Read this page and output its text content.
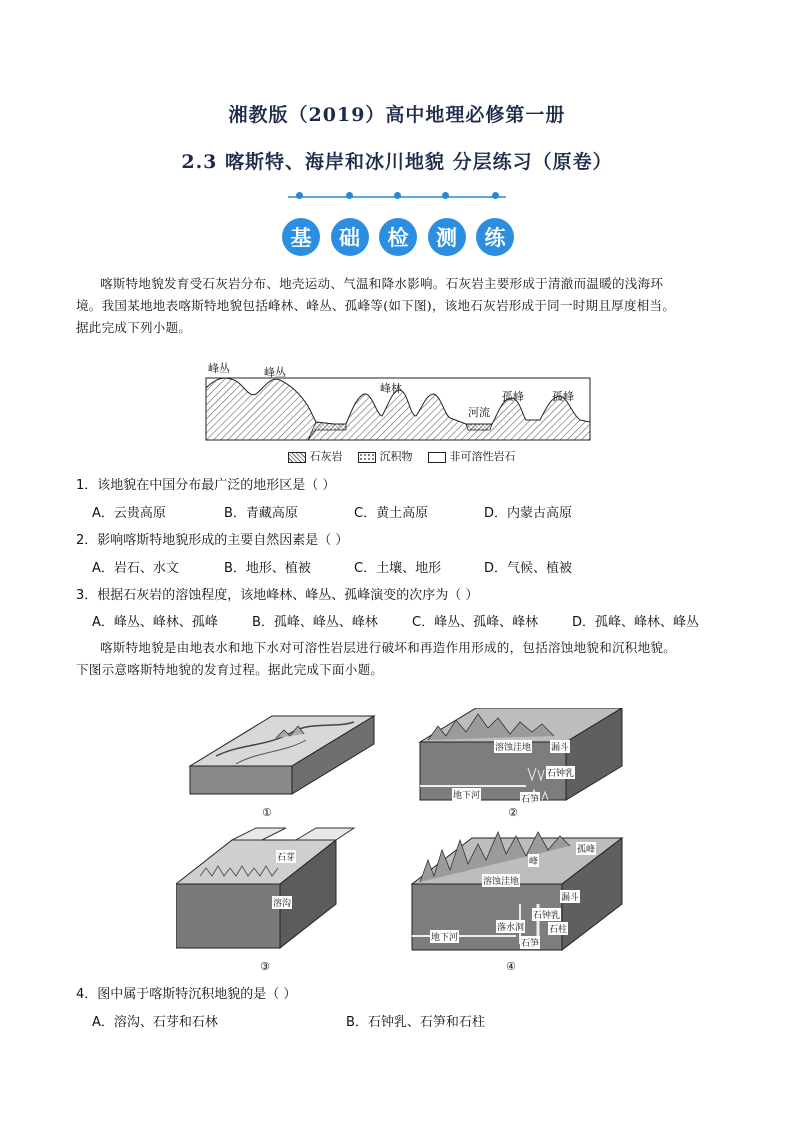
湘教版（2019）高中地理必修第一册
2.3 喀斯特、海岸和冰川地貌 分层练习（原卷）
基	础	检	测	练
喀斯特地貌发育受石灰岩分布、地壳运动、气温和降水影响。石灰岩主要形成于清澈而温暖的浅海环
境。我国某地地表喀斯特地貌包括峰林、峰丛、孤峰等(如下图)，该地石灰岩形成于同一时期且厚度相当。
据此完成下列小题。
峰丛	峰丛
峰林
河流
孤峰	孤峰
石灰岩	沉积物	非可溶性岩石
1．该地貌在中国分布最广泛的地形区是（ ）
A．云贵高原	B．青藏高原	C．黄土高原	D．内蒙古高原
2．影响喀斯特地貌形成的主要自然因素是（ ）
A．岩石、水文	B．地形、植被	C．土壤、地形	D．气候、植被
3．根据石灰岩的溶蚀程度，该地峰林、峰丛、孤峰演变的次序为（ ）
A．峰丛、峰林、孤峰	B．孤峰、峰丛、峰林	C．峰丛、孤峰、峰林	D．孤峰、峰林、峰丛
喀斯特地貌是由地表水和地下水对可溶性岩层进行破坏和再造作用形成的，包括溶蚀地貌和沉积地貌。
下图示意喀斯特地貌的发育过程。据此完成下面小题。
①	②
③	④
溶蚀洼地 漏斗
石钟乳
地下河	石笋
石芽
溶沟
峰
孤峰
溶蚀洼地
漏斗
石钟乳
落水洞	石柱
地下河
石笋
4．图中属于喀斯特沉积地貌的是（ ）
A．溶沟、石芽和石林	B．石钟乳、石笋和石柱
